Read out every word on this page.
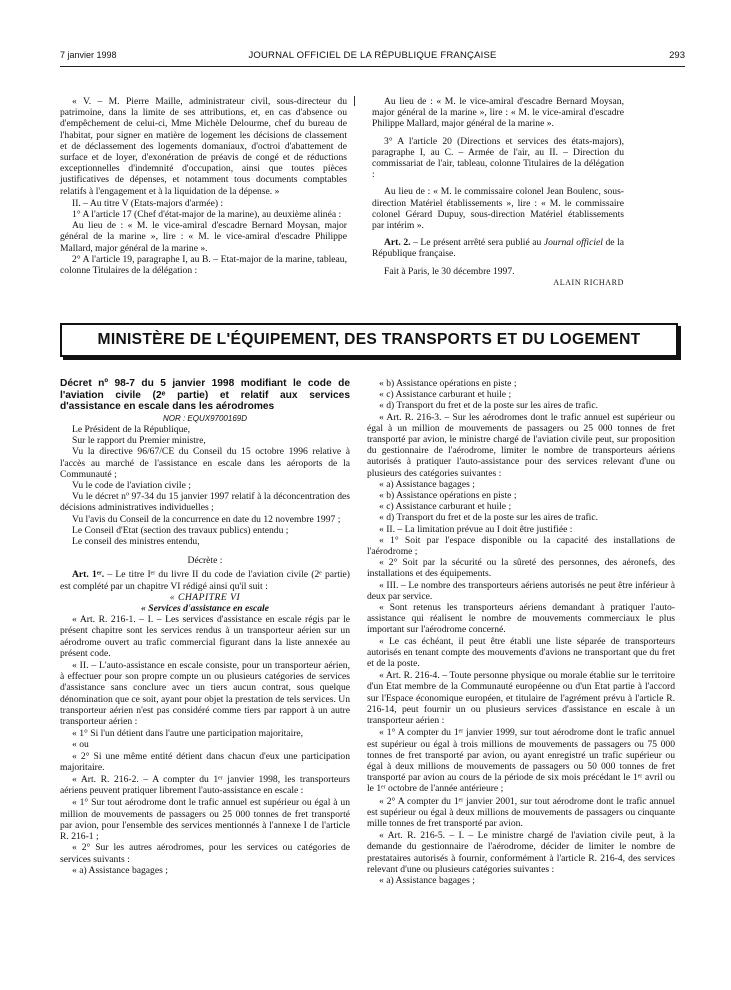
7 janvier 1998	JOURNAL OFFICIEL DE LA RÉPUBLIQUE FRANÇAISE	293

« V. – M. Pierre Maille, administrateur civil, sous-directeur du patrimoine, dans la limite de ses attributions, et, en cas d'absence ou d'empêchement de celui-ci, Mme Michèle Delourme, chef du bureau de l'habitat, pour signer en matière de logement les décisions de classement et de déclassement des logements domaniaux, d'octroi d'abattement de surface et de loyer, d'exonération de préavis de congé et de réductions exceptionnelles d'indemnité d'occupation, ainsi que toutes pièces justificatives de dépenses, et notamment tous documents comptables relatifs à l'engagement et à la liquidation de la dépense. »

II. – Au titre V (Etats-majors d'armée) :

1° A l'article 17 (Chef d'état-major de la marine), au deuxième alinéa :

Au lieu de : « M. le vice-amiral d'escadre Bernard Moysan, major général de la marine », lire : « M. le vice-amiral d'escadre Philippe Mallard, major général de la marine ».

2° A l'article 19, paragraphe I, au B. – Etat-major de la marine, tableau, colonne Titulaires de la délégation :

Au lieu de : « M. le vice-amiral d'escadre Bernard Moysan, major général de la marine », lire : « M. le vice-amiral d'escadre Philippe Mallard, major général de la marine ».

3° A l'article 20 (Directions et services des états-majors), paragraphe I, au C. – Armée de l'air, au II. – Direction du commissariat de l'air, tableau, colonne Titulaires de la délégation :

Au lieu de : « M. le commissaire colonel Jean Boulenc, sous-direction Matériel établissements », lire : « M. le commissaire colonel Gérard Dupuy, sous-direction Matériel établissements par intérim ».

Art. 2. – Le présent arrêté sera publié au Journal officiel de la République française.

Fait à Paris, le 30 décembre 1997.

ALAIN RICHARD

MINISTÈRE DE L'ÉQUIPEMENT, DES TRANSPORTS ET DU LOGEMENT

Décret nº 98-7 du 5 janvier 1998 modifiant le code de l'aviation civile (2ᵉ partie) et relatif aux services d'assistance en escale dans les aérodromes

NOR : EQUX9700169D

Le Président de la République,

Sur le rapport du Premier ministre,

Vu la directive 96/67/CE du Conseil du 15 octobre 1996 relative à l'accès au marché de l'assistance en escale dans les aéroports de la Communauté ;

Vu le code de l'aviation civile ;

Vu le décret nº 97-34 du 15 janvier 1997 relatif à la déconcentration des décisions administratives individuelles ;

Vu l'avis du Conseil de la concurrence en date du 12 novembre 1997 ;

Le Conseil d'Etat (section des travaux publics) entendu ;

Le conseil des ministres entendu,

Décrète :

Art. 1ᵉʳ. – Le titre Iᵉʳ du livre II du code de l'aviation civile (2ᵉ partie) est complété par un chapitre VI rédigé ainsi qu'il suit :

« CHAPITRE VI

« Services d'assistance en escale

« Art. R. 216-1. – I. – Les services d'assistance en escale régis par le présent chapitre sont les services rendus à un transporteur aérien sur un aérodrome ouvert au trafic commercial figurant dans la liste annexée au présent code.

« II. – L'auto-assistance en escale consiste, pour un transporteur aérien, à effectuer pour son propre compte un ou plusieurs catégories de services d'assistance sans conclure avec un tiers aucun contrat, sous quelque dénomination que ce soit, ayant pour objet la prestation de tels services. Un transporteur aérien n'est pas considéré comme tiers par rapport à un autre transporteur aérien :

« 1° Si l'un détient dans l'autre une participation majoritaire,

« ou

« 2° Si une même entité détient dans chacun d'eux une participation majoritaire.

« Art. R. 216-2. – A compter du 1ᵉʳ janvier 1998, les transporteurs aériens peuvent pratiquer librement l'auto-assistance en escale :

« 1° Sur tout aérodrome dont le trafic annuel est supérieur ou égal à un million de mouvements de passagers ou 25 000 tonnes de fret transporté par avion, pour l'ensemble des services mentionnés à l'annexe I de l'article R. 216-1 ;

« 2° Sur les autres aérodromes, pour les services ou catégories de services suivants :

« a) Assistance bagages ;

« b) Assistance opérations en piste ;

« c) Assistance carburant et huile ;

« d) Transport du fret et de la poste sur les aires de trafic.

« Art. R. 216-3. – Sur les aérodromes dont le trafic annuel est supérieur ou égal à un million de mouvements de passagers ou 25 000 tonnes de fret transporté par avion, le ministre chargé de l'aviation civile peut, sur proposition du gestionnaire de l'aérodrome, limiter le nombre de transporteurs aériens autorisés à pratiquer l'auto-assistance pour des services relevant d'une ou plusieurs des catégories suivantes :

« a) Assistance bagages ;

« b) Assistance opérations en piste ;

« c) Assistance carburant et huile ;

« d) Transport du fret et de la poste sur les aires de trafic.

« II. – La limitation prévue au I doit être justifiée :

« 1° Soit par l'espace disponible ou la capacité des installations de l'aérodrome ;

« 2° Soit par la sécurité ou la sûreté des personnes, des aéronefs, des installations et des équipements.

« III. – Le nombre des transporteurs aériens autorisés ne peut être inférieur à deux par service.

« Sont retenus les transporteurs aériens demandant à pratiquer l'auto-assistance qui réalisent le nombre de mouvements commerciaux le plus important sur l'aérodrome concerné.

« Le cas échéant, il peut être établi une liste séparée de transporteurs autorisés en tenant compte des mouvements d'avions ne transportant que du fret et de la poste.

« Art. R. 216-4. – Toute personne physique ou morale établie sur le territoire d'un Etat membre de la Communauté européenne ou d'un Etat partie à l'accord sur l'Espace économique européen, et titulaire de l'agrément prévu à l'article R. 216-14, peut fournir un ou plusieurs services d'assistance en escale à un transporteur aérien :

« 1° A compter du 1ᵉʳ janvier 1999, sur tout aérodrome dont le trafic annuel est supérieur ou égal à trois millions de mouvements de passagers ou 75 000 tonnes de fret transporté par avion, ou ayant enregistré un trafic supérieur ou égal à deux millions de mouvements de passagers ou 50 000 tonnes de fret transporté par avion au cours de la période de six mois précédant le 1ᵉʳ avril ou le 1ᵉʳ octobre de l'année antérieure ;

« 2° A compter du 1ᵉʳ janvier 2001, sur tout aérodrome dont le trafic annuel est supérieur ou égal à deux millions de mouvements de passagers ou cinquante mille tonnes de fret transporté par avion.

« Art. R. 216-5. – I. – Le ministre chargé de l'aviation civile peut, à la demande du gestionnaire de l'aérodrome, décider de limiter le nombre de prestataires autorisés à fournir, conformément à l'article R. 216-4, des services relevant d'une ou plusieurs catégories suivantes :

« a) Assistance bagages ;
